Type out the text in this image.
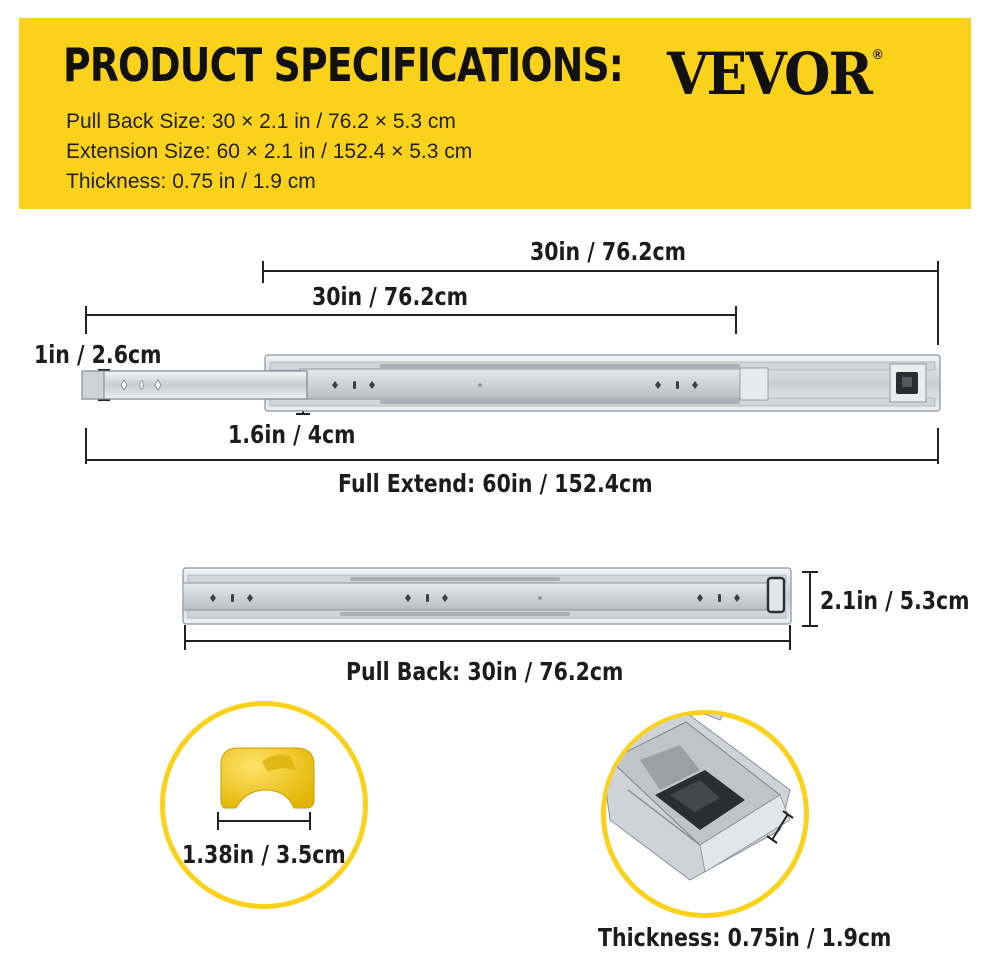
PRODUCT SPECIFICATIONS: VEVOR ®
Pull Back Size: 30 × 2.1 in / 76.2 × 5.3 cm
Extension Size: 60 × 2.1 in / 152.4 × 5.3 cm
Thickness: 0.75 in / 1.9 cm
30in / 76.2cm
30in / 76.2cm
1in / 2.6cm
1.6in / 4cm
Full Extend: 60in / 152.4cm
2.1in / 5.3cm
Pull Back: 30in / 76.2cm
1.38in / 3.5cm
Thickness: 0.75in / 1.9cm
